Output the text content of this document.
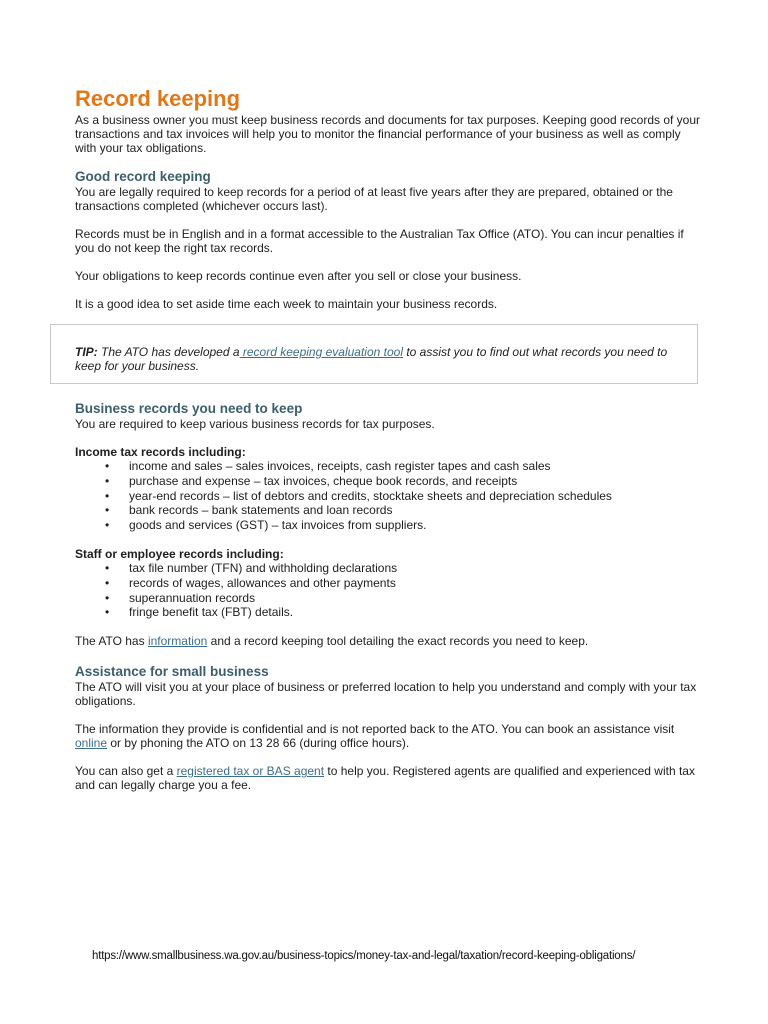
Record keeping

As a business owner you must keep business records and documents for tax purposes. Keeping good records of your transactions and tax invoices will help you to monitor the financial performance of your business as well as comply with your tax obligations.

Good record keeping

You are legally required to keep records for a period of at least five years after they are prepared, obtained or the transactions completed (whichever occurs last).

Records must be in English and in a format accessible to the Australian Tax Office (ATO). You can incur penalties if you do not keep the right tax records.

Your obligations to keep records continue even after you sell or close your business.

It is a good idea to set aside time each week to maintain your business records.

TIP: The ATO has developed a record keeping evaluation tool to assist you to find out what records you need to keep for your business.

Business records you need to keep

You are required to keep various business records for tax purposes.

Income tax records including:

• income and sales – sales invoices, receipts, cash register tapes and cash sales
• purchase and expense – tax invoices, cheque book records, and receipts
• year-end records – list of debtors and credits, stocktake sheets and depreciation schedules
• bank records – bank statements and loan records
• goods and services (GST) – tax invoices from suppliers.

Staff or employee records including:

• tax file number (TFN) and withholding declarations
• records of wages, allowances and other payments
• superannuation records
• fringe benefit tax (FBT) details.

The ATO has information and a record keeping tool detailing the exact records you need to keep.

Assistance for small business

The ATO will visit you at your place of business or preferred location to help you understand and comply with your tax obligations.

The information they provide is confidential and is not reported back to the ATO. You can book an assistance visit online or by phoning the ATO on 13 28 66 (during office hours).

You can also get a registered tax or BAS agent to help you. Registered agents are qualified and experienced with tax and can legally charge you a fee.

https://www.smallbusiness.wa.gov.au/business-topics/money-tax-and-legal/taxation/record-keeping-obligations/
